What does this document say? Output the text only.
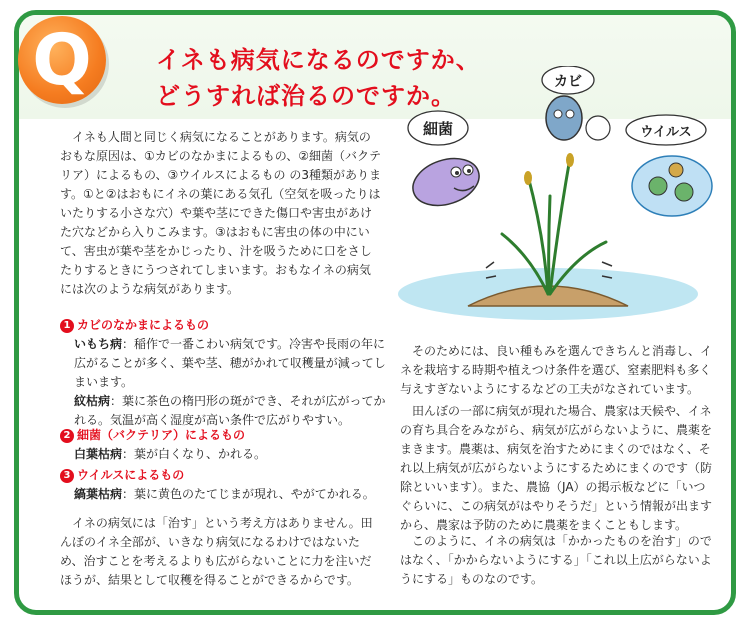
Q	イネも病気になるのですか、
どうすれば治るのですか。

イネも人間と同じく病気になることがあります。病気のおもな原因は、①カビのなかまによるもの、②細菌（バクテリア）によるもの、③ウイルスによるもの の3種類があります。①と②はおもにイネの葉にある気孔（空気を吸ったりはいたりする小さな穴）や葉や茎にできた傷口や害虫があけた穴などから入りこみます。③はおもに害虫の体の中にいて、害虫が葉や茎をかじったり、汁を吸うために口をさしたりするときにうつされてしまいます。おもなイネの病気には次のような病気があります。

1 カビのなかまによるもの

いもち病：稲作で一番こわい病気です。冷害や長雨の年に広がることが多く、葉や茎、穂がかれて収穫量が減ってしまいます。

紋枯病：葉に茶色の楕円形の斑ができ、それが広がってかれる。気温が高く湿度が高い条件で広がりやすい。

2 細菌（バクテリア）によるもの

白葉枯病：葉が白くなり、かれる。

3 ウイルスによるもの

縞葉枯病：葉に黄色のたてじまが現れ、やがてかれる。

イネの病気には「治す」という考え方はありません。田んぼのイネ全部が、いきなり病気になるわけではないため、治すことを考えるよりも広がらないことに力を注いだほうが、結果として収穫を得ることができるからです。

細菌
カビ
ウイルス

そのためには、良い種もみを選んできちんと消毒し、イネを栽培する時期や植えつけ条件を選び、窒素肥料も多く与えすぎないようにするなどの工夫がなされています。

田んぼの一部に病気が現れた場合、農家は天候や、イネの育ち具合をみながら、病気が広がらないように、農薬をまきます。農薬は、病気を治すためにまくのではなく、それ以上病気が広がらないようにするためにまくのです（防除といいます）。また、農協（JA）の掲示板などに「いつぐらいに、この病気がはやりそうだ」という情報が出ますから、農家は予防のために農薬をまくこともします。

このように、イネの病気は「かかったものを治す」のではなく、「かからないようにする」「これ以上広がらないようにする」ものなのです。
